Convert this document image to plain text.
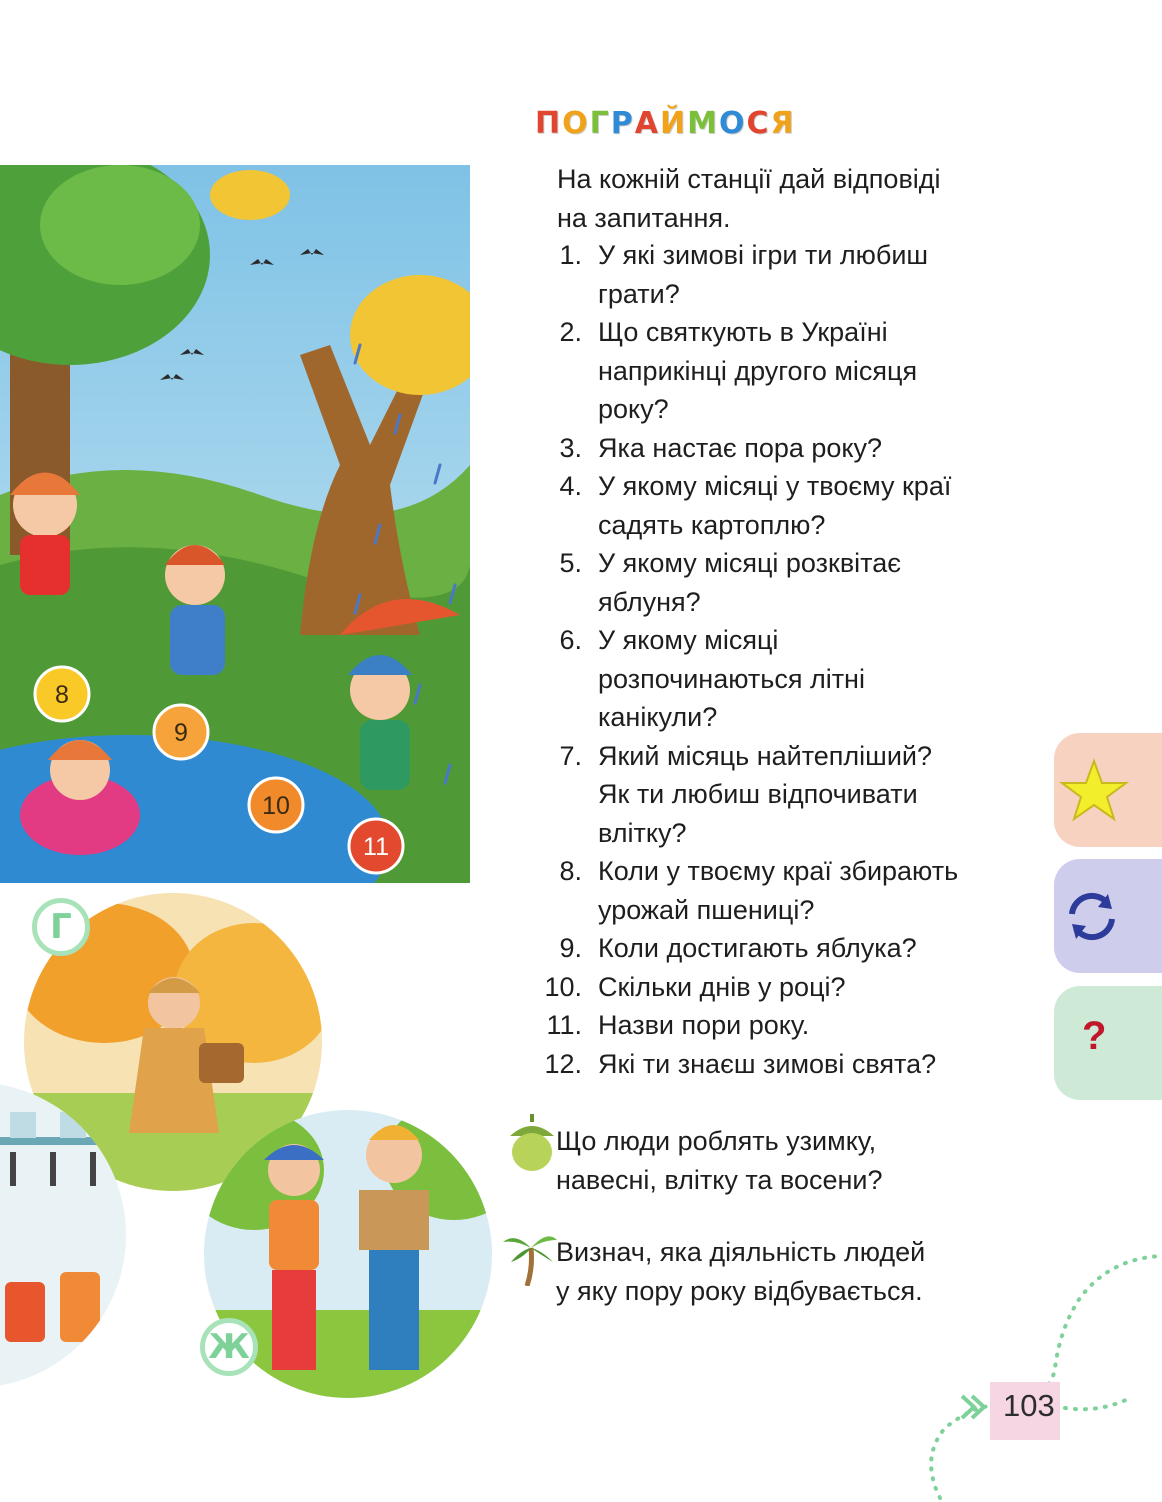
8
9
10
11
Г
Ж
П О Г Р А Й М О С Я
На кожній станції дай відповіді
на запитання.
1. У які зимові ігри ти любиш
грати?
2. Що святкують в Україні
наприкінці другого місяця
року?
3. Яка настає пора року?
4. У якому місяці у твоєму краї
садять картоплю?
5. У якому місяці розквітає
яблуня?
6. У якому місяці
розпочинаються літні
канікули?
7. Який місяць найтепліший?
Як ти любиш відпочивати
влітку?
8. Коли у твоєму краї збирають
урожай пшениці?
9. Коли достигають яблука?
10. Скільки днів у році?
11. Назви пори року.
12. Які ти знаєш зимові свята?
Що люди роблять узимку,
навесні, влітку та восени?
Визнач, яка діяльність людей
у яку пору року відбувається.
?
103
